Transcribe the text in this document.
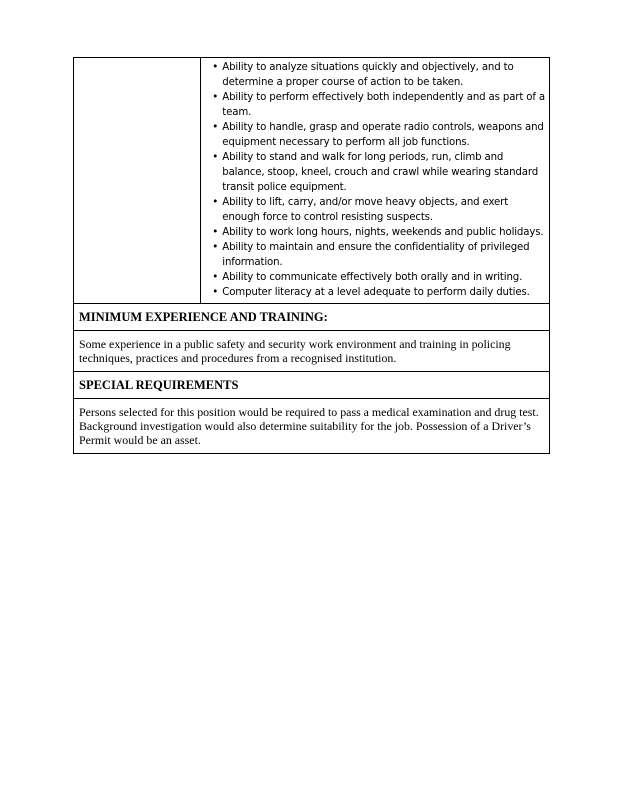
• Ability to analyze situations quickly and objectively, and to determine a proper course of action to be taken.
• Ability to perform effectively both independently and as part of a team.
• Ability to handle, grasp and operate radio controls, weapons and equipment necessary to perform all job functions.
• Ability to stand and walk for long periods, run, climb and balance, stoop, kneel, crouch and crawl while wearing standard transit police equipment.
• Ability to lift, carry, and/or move heavy objects, and exert enough force to control resisting suspects.
• Ability to work long hours, nights, weekends and public holidays.
• Ability to maintain and ensure the confidentiality of privileged information.
• Ability to communicate effectively both orally and in writing.
• Computer literacy at a level adequate to perform daily duties.

MINIMUM EXPERIENCE AND TRAINING:
Some experience in a public safety and security work environment and training in policing techniques, practices and procedures from a recognised institution.
SPECIAL REQUIREMENTS
Persons selected for this position would be required to pass a medical examination and drug test. Background investigation would also determine suitability for the job. Possession of a Driver’s Permit would be an asset.
